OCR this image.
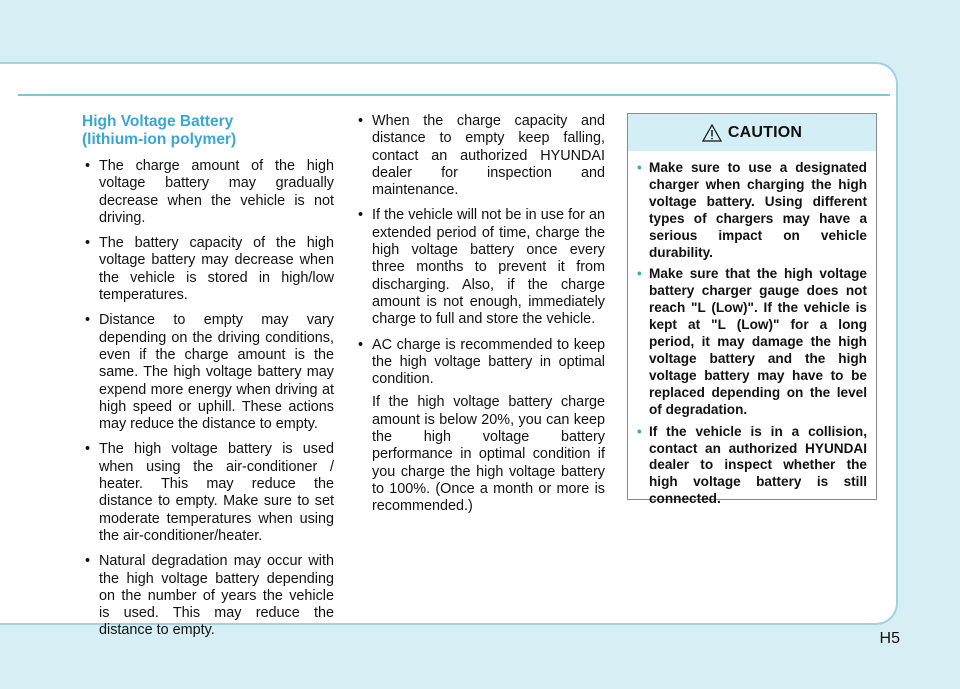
High Voltage Battery
(lithium-ion polymer)
• The charge amount of the high voltage battery may gradually decrease when the vehicle is not driving.
• The battery capacity of the high voltage battery may decrease when the vehicle is stored in high/low temperatures.
• Distance to empty may vary depending on the driving conditions, even if the charge amount is the same. The high voltage battery may expend more energy when driving at high speed or uphill. These actions may reduce the distance to empty.
• The high voltage battery is used when using the air-conditioner / heater. This may reduce the distance to empty. Make sure to set moderate temperatures when using the air-conditioner/heater.
• Natural degradation may occur with the high voltage battery depending on the number of years the vehicle is used. This may reduce the distance to empty.
• When the charge capacity and distance to empty keep falling, contact an authorized HYUNDAI dealer for inspection and maintenance.
• If the vehicle will not be in use for an extended period of time, charge the high voltage battery once every three months to prevent it from discharging. Also, if the charge amount is not enough, immediately charge to full and store the vehicle.
• AC charge is recommended to keep the high voltage battery in optimal condition.

If the high voltage battery charge amount is below 20%, you can keep the high voltage battery performance in optimal condition if you charge the high voltage battery to 100%. (Once a month or more is recommended.)

CAUTION
• Make sure to use a designated charger when charging the high voltage battery. Using different types of chargers may have a serious impact on vehicle durability.
• Make sure that the high voltage battery charger gauge does not reach "L (Low)". If the vehicle is kept at "L (Low)" for a long period, it may damage the high voltage battery and the high voltage battery may have to be replaced depending on the level of degradation.
• If the vehicle is in a collision, contact an authorized HYUNDAI dealer to inspect whether the high voltage battery is still connected.
H5
